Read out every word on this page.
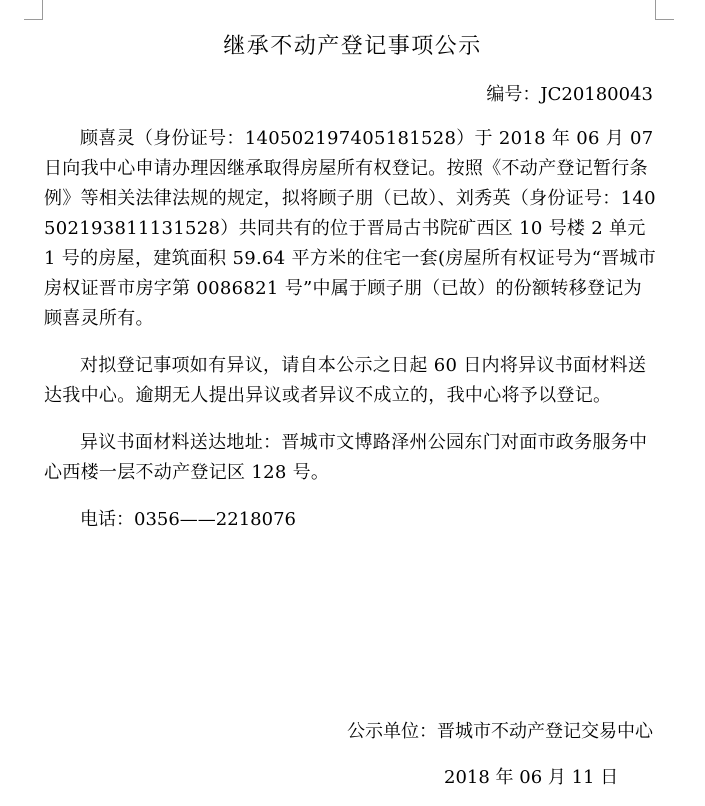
继承不动产登记事项公示
编号：JC20180043

顾喜灵（身份证号：140502197405181528）于 2018 年 06 月 07 日向我中心申请办理因继承取得房屋所有权登记。按照《不动产登记暂行条例》等相关法律法规的规定，拟将顾子朋（已故）、刘秀英（身份证号：140502193811131528）共同共有的位于晋局古书院矿西区 10 号楼 2 单元 1 号的房屋，建筑面积 59.64 平方米的住宅一套(房屋所有权证号为“晋城市房权证晋市房字第 0086821 号”中属于顾子朋（已故）的份额转移登记为 顾喜灵所有。

对拟登记事项如有异议，请自本公示之日起 60 日内将异议书面材料送达我中心。逾期无人提出异议或者异议不成立的，我中心将予以登记。

异议书面材料送达地址：晋城市文博路泽州公园东门对面市政务服务中心西楼一层不动产登记区 128 号。

电话：0356——2218076
公示单位：晋城市不动产登记交易中心
2018 年 06 月 11 日
